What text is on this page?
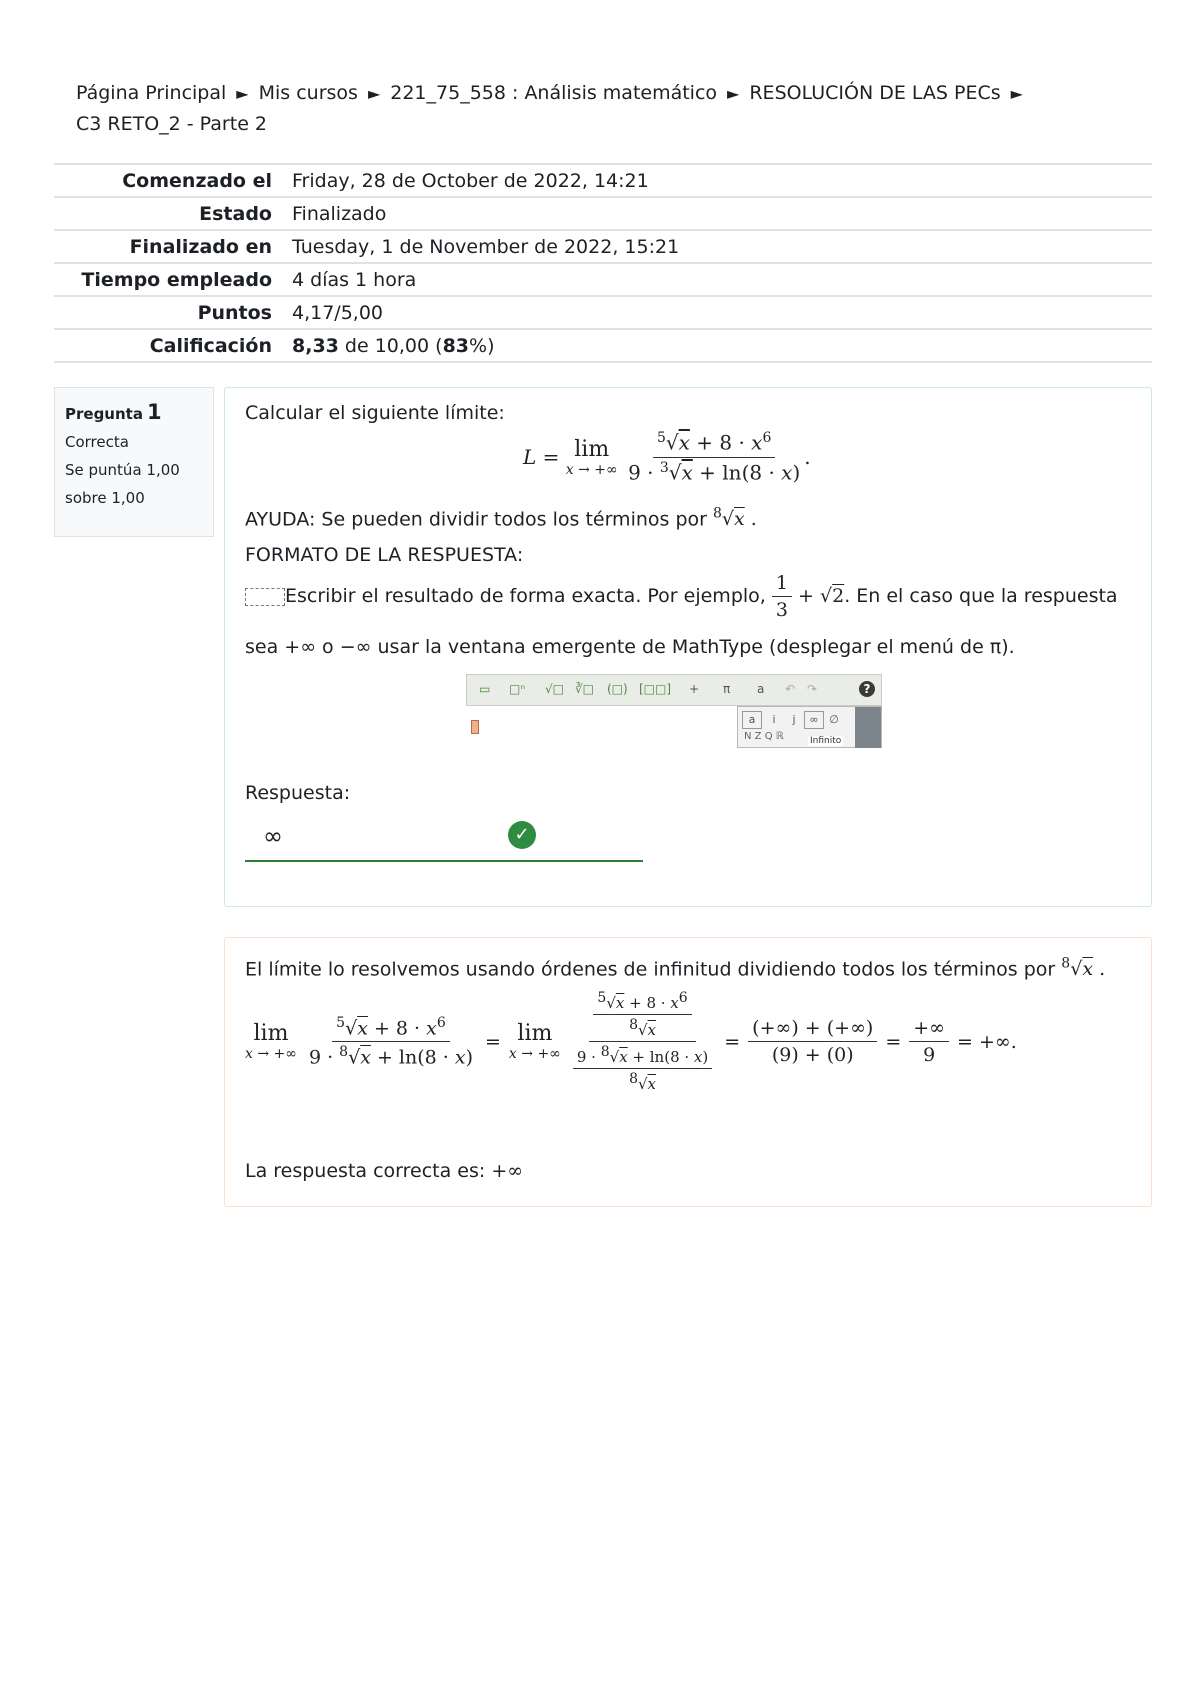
Página Principal ► Mis cursos ► 221_75_558 : Análisis matemático ► RESOLUCIÓN DE LAS PECs ►
C3 RETO_2 - Parte 2
Comenzado el	Friday, 28 de October de 2022, 14:21
Estado	Finalizado
Finalizado en	Tuesday, 1 de November de 2022, 15:21
Tiempo empleado	4 días 1 hora
Puntos	4,17/5,00
Calificación	8,33 de 10,00 (83%)
Pregunta 1
Correcta
Se puntúa 1,00
sobre 1,00
Calcular el siguiente límite:
L = lim
x → +∞
$\frac{^5√x + 8 \cdot x^6}{9 \cdot ^3√x + \ln(8 \cdot x)}$ .
AYUDA: Se pueden dividir todos los términos por $^8$√x .
FORMATO DE LA RESPUESTA:
Escribir el resultado de forma exacta. Por ejemplo, $\frac{1}{3} + √2$. En el caso que la respuesta
sea +∞ o −∞ usar la ventana emergente de MathType (desplegar el menú de π).
▭ □ⁿ √□ ∛□ (□) [□□] + π a ↶ ↷	?
a	i	j	∞ ∅
N Z Q ℝ	Infinito
Respuesta:
∞	✓
El límite lo resolvemos usando órdenes de infinitud dividiendo todos los términos por $^8$√x .
lim
x → +∞ $\frac{^5√x + 8 \cdot x^6}{9 \cdot ^8√x + \ln(8 \cdot x)} = \lim$
x → +∞ $\frac{\frac{^5√x + 8 \cdot x^6}{^8√x}}{\frac{9 \cdot ^8√x + \ln(8 \cdot x)}{^8√x}} = \frac{(+\infty) + (+\infty)}{(9) + (0)} = \frac{+\infty}{9}$ = +∞.
La respuesta correcta es: +∞
